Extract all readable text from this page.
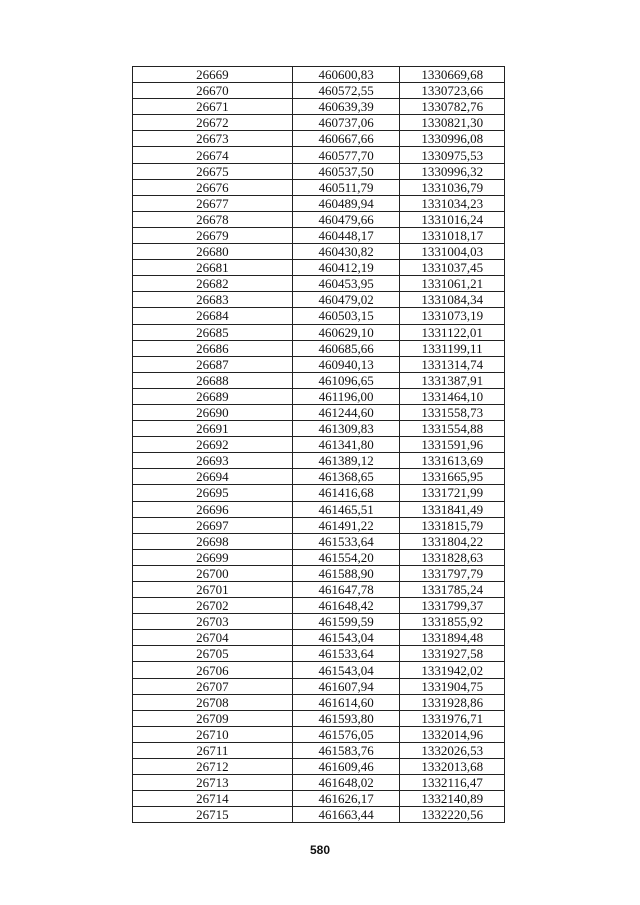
26669	460600,83	1330669,68
26670	460572,55	1330723,66
26671	460639,39	1330782,76
26672	460737,06	1330821,30
26673	460667,66	1330996,08
26674	460577,70	1330975,53
26675	460537,50	1330996,32
26676	460511,79	1331036,79
26677	460489,94	1331034,23
26678	460479,66	1331016,24
26679	460448,17	1331018,17
26680	460430,82	1331004,03
26681	460412,19	1331037,45
26682	460453,95	1331061,21
26683	460479,02	1331084,34
26684	460503,15	1331073,19
26685	460629,10	1331122,01
26686	460685,66	1331199,11
26687	460940,13	1331314,74
26688	461096,65	1331387,91
26689	461196,00	1331464,10
26690	461244,60	1331558,73
26691	461309,83	1331554,88
26692	461341,80	1331591,96
26693	461389,12	1331613,69
26694	461368,65	1331665,95
26695	461416,68	1331721,99
26696	461465,51	1331841,49
26697	461491,22	1331815,79
26698	461533,64	1331804,22
26699	461554,20	1331828,63
26700	461588,90	1331797,79
26701	461647,78	1331785,24
26702	461648,42	1331799,37
26703	461599,59	1331855,92
26704	461543,04	1331894,48
26705	461533,64	1331927,58
26706	461543,04	1331942,02
26707	461607,94	1331904,75
26708	461614,60	1331928,86
26709	461593,80	1331976,71
26710	461576,05	1332014,96
26711	461583,76	1332026,53
26712	461609,46	1332013,68
26713	461648,02	1332116,47
26714	461626,17	1332140,89
26715	461663,44	1332220,56
580
